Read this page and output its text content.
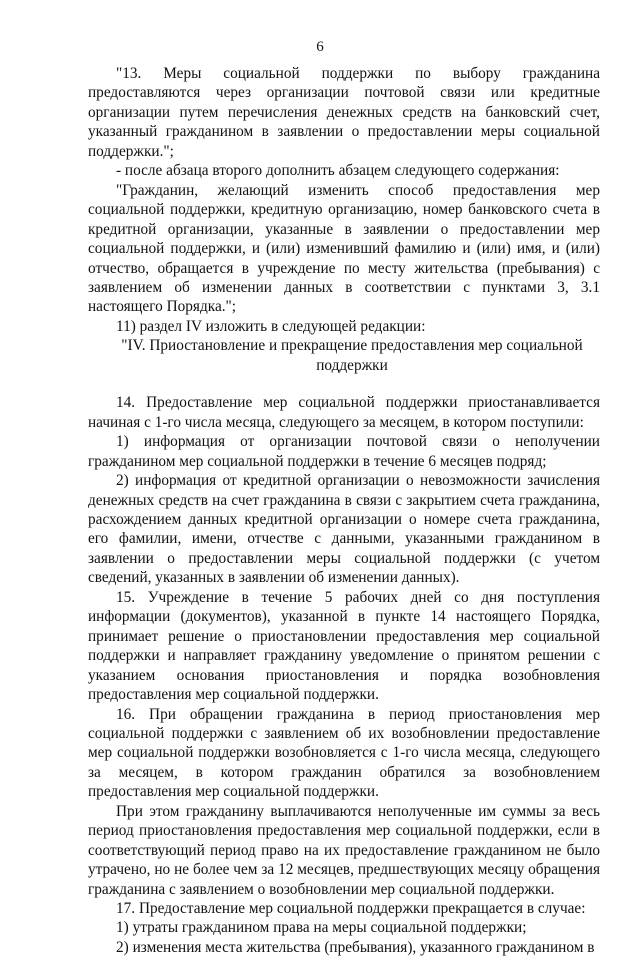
6

"13. Меры социальной поддержки по выбору гражданина предоставляются через организации почтовой связи или кредитные организации путем перечисления денежных средств на банковский счет, указанный гражданином в заявлении о предоставлении меры социальной поддержки.";

- после абзаца второго дополнить абзацем следующего содержания:

"Гражданин, желающий изменить способ предоставления мер социальной поддержки, кредитную организацию, номер банковского счета в кредитной организации, указанные в заявлении о предоставлении мер социальной поддержки, и (или) изменивший фамилию и (или) имя, и (или) отчество, обращается в учреждение по месту жительства (пребывания) с заявлением об изменении данных в соответствии с пунктами 3, 3.1 настоящего Порядка.";

11) раздел IV изложить в следующей редакции:

"IV. Приостановление и прекращение предоставления мер социальной поддержки

14. Предоставление мер социальной поддержки приостанавливается начиная с 1-го числа месяца, следующего за месяцем, в котором поступили:

1) информация от организации почтовой связи о неполучении гражданином мер социальной поддержки в течение 6 месяцев подряд;

2) информация от кредитной организации о невозможности зачисления денежных средств на счет гражданина в связи с закрытием счета гражданина, расхождением данных кредитной организации о номере счета гражданина, его фамилии, имени, отчестве с данными, указанными гражданином в заявлении о предоставлении меры социальной поддержки (с учетом сведений, указанных в заявлении об изменении данных).

15. Учреждение в течение 5 рабочих дней со дня поступления информации (документов), указанной в пункте 14 настоящего Порядка, принимает решение о приостановлении предоставления мер социальной поддержки и направляет гражданину уведомление о принятом решении с указанием основания приостановления и порядка возобновления предоставления мер социальной поддержки.

16. При обращении гражданина в период приостановления мер социальной поддержки с заявлением об их возобновлении предоставление мер социальной поддержки возобновляется с 1-го числа месяца, следующего за месяцем, в котором гражданин обратился за возобновлением предоставления мер социальной поддержки.

При этом гражданину выплачиваются неполученные им суммы за весь период приостановления предоставления мер социальной поддержки, если в соответствующий период право на их предоставление гражданином не было утрачено, но не более чем за 12 месяцев, предшествующих месяцу обращения гражданина с заявлением о возобновлении мер социальной поддержки.

17. Предоставление мер социальной поддержки прекращается в случае:

1) утраты гражданином права на меры социальной поддержки;

2) изменения места жительства (пребывания), указанного гражданином в
